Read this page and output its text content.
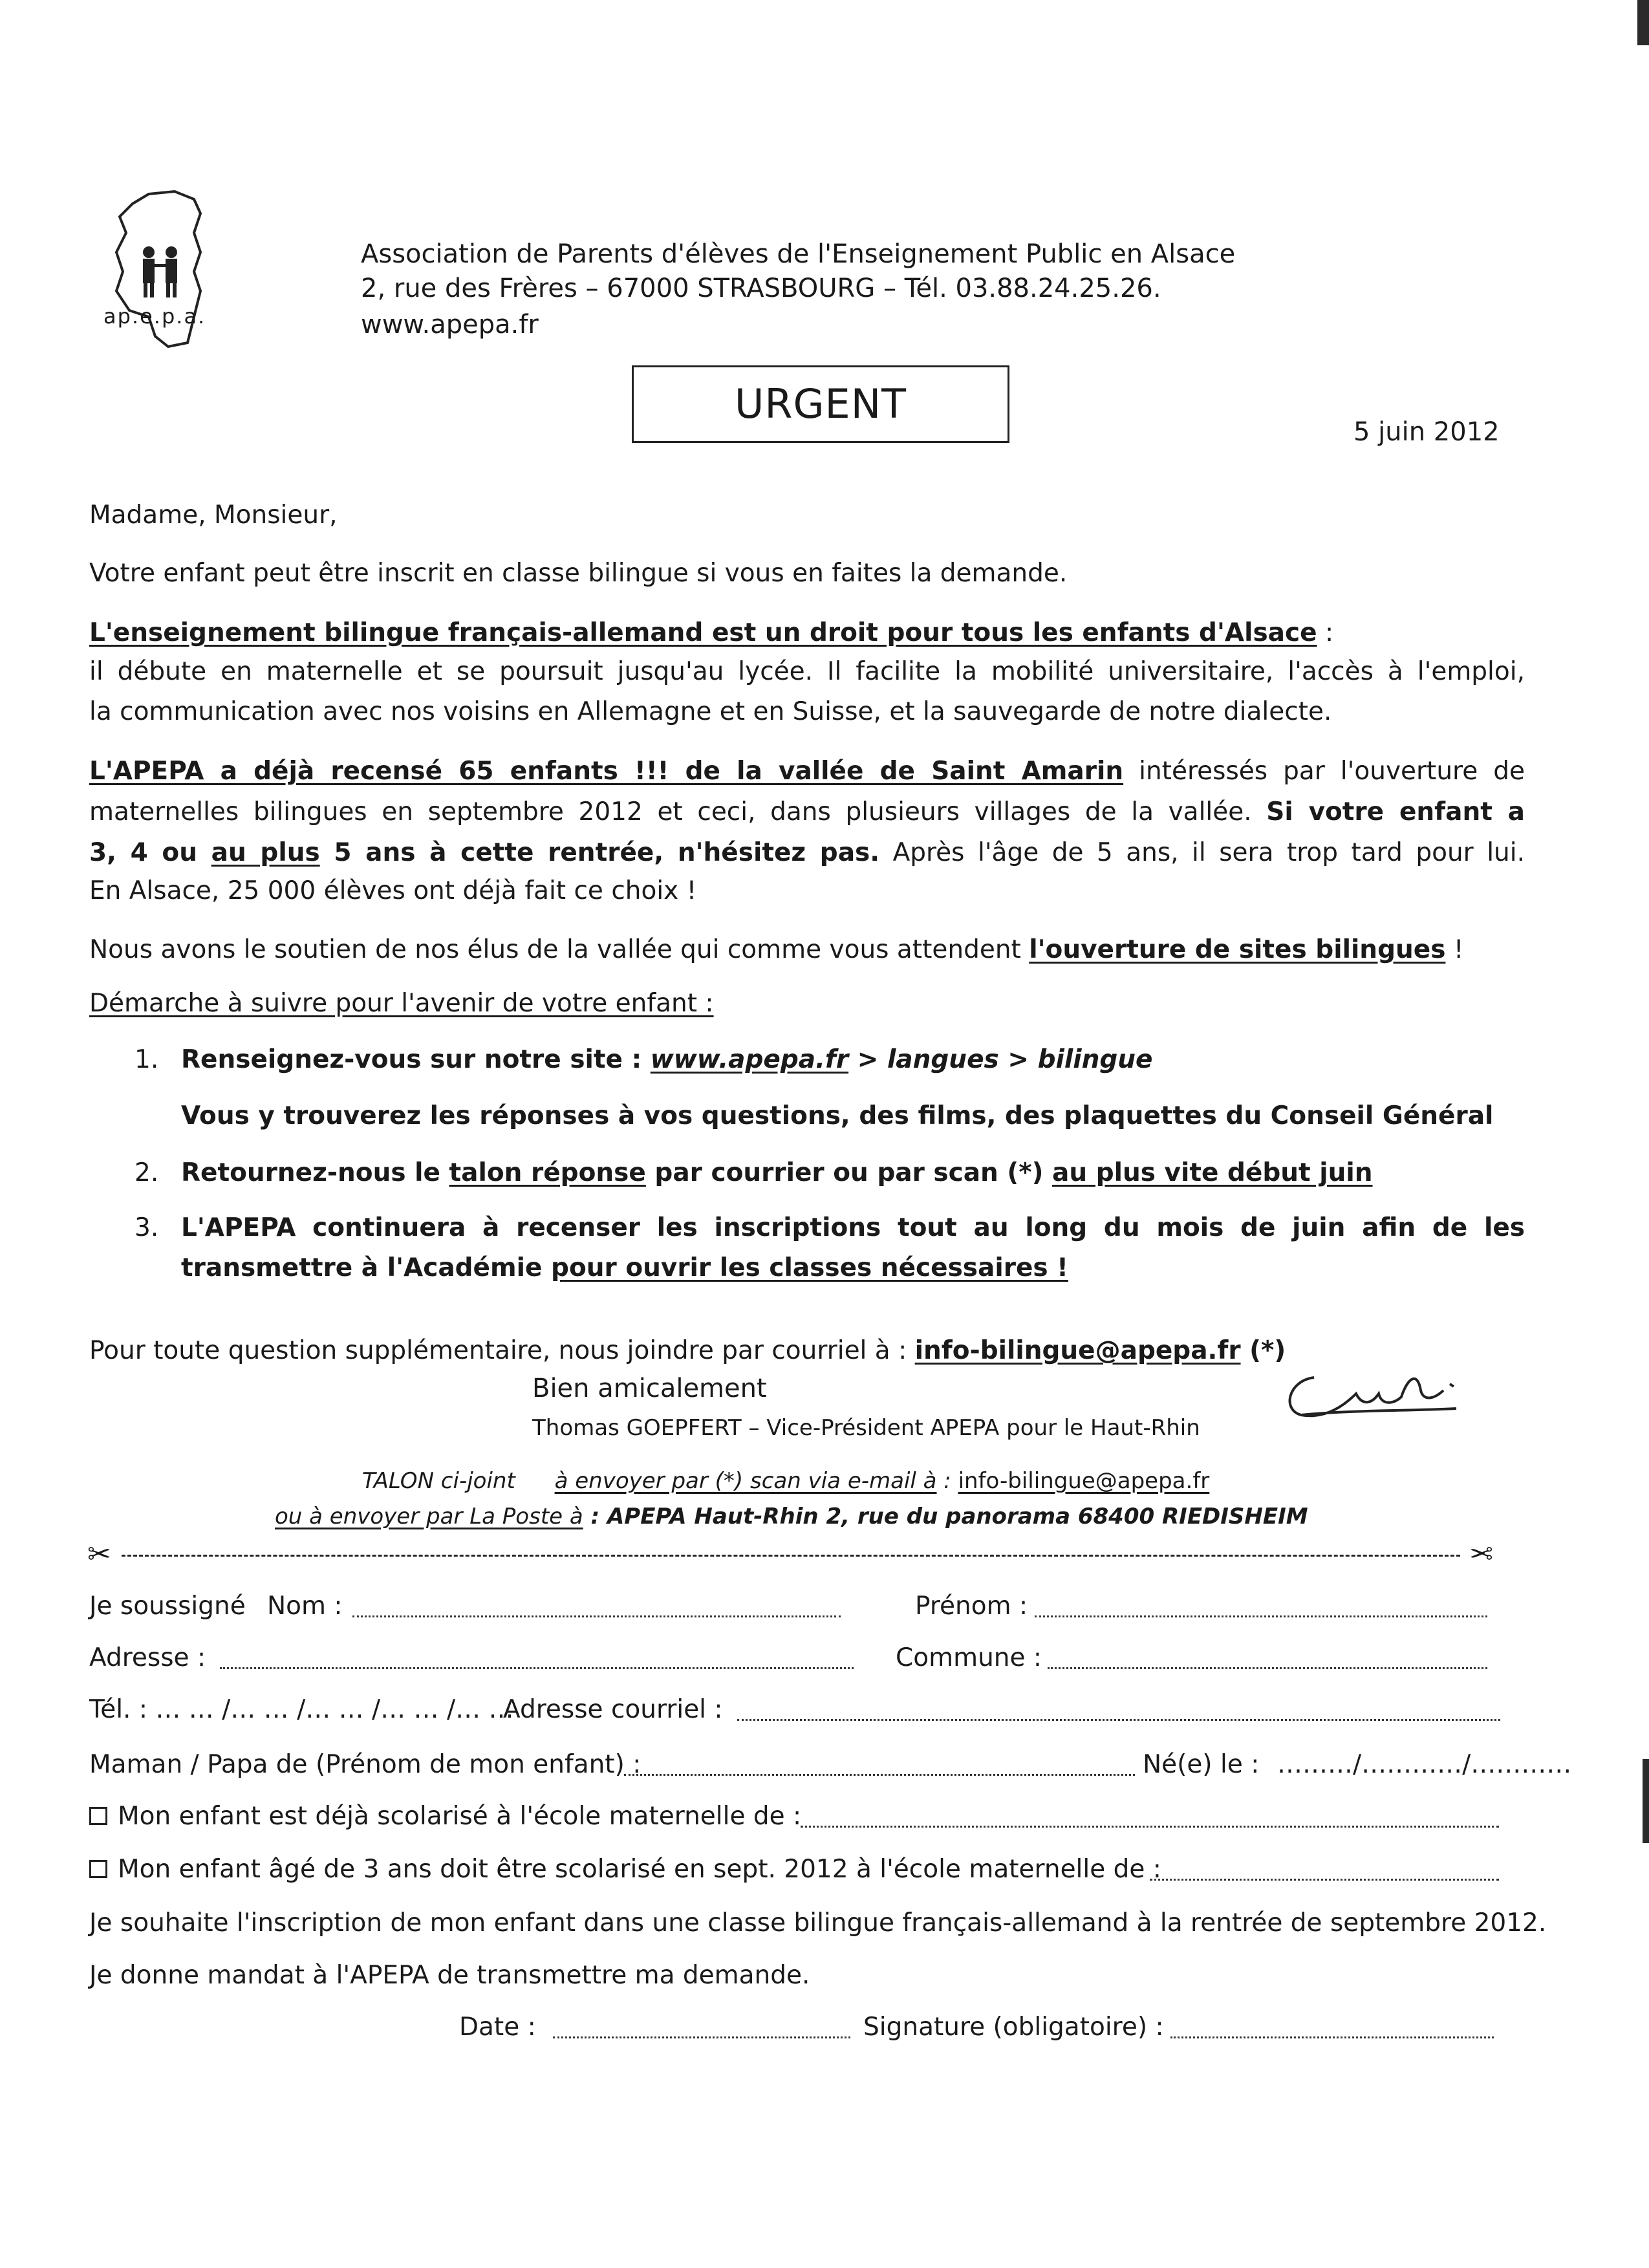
ap.e.p.a.
Association de Parents d'élèves de l'Enseignement Public en Alsace
2, rue des Frères – 67000 STRASBOURG – Tél. 03.88.24.25.26.
www.apepa.fr
URGENT
5 juin 2012
Madame, Monsieur,
Votre enfant peut être inscrit en classe bilingue si vous en faites la demande.
L'enseignement bilingue français-allemand est un droit pour tous les enfants d'Alsace :
il débute en maternelle et se poursuit jusqu'au lycée. Il facilite la mobilité universitaire, l'accès à l'emploi,
la communication avec nos voisins en Allemagne et en Suisse, et la sauvegarde de notre dialecte.
L'APEPA a déjà recensé 65 enfants !!! de la vallée de Saint Amarin intéressés par l'ouverture de
maternelles bilingues en septembre 2012 et ceci, dans plusieurs villages de la vallée. Si votre enfant a
3, 4 ou au plus 5 ans à cette rentrée, n'hésitez pas. Après l'âge de 5 ans, il sera trop tard pour lui.
En Alsace, 25 000 élèves ont déjà fait ce choix !
Nous avons le soutien de nos élus de la vallée qui comme vous attendent l'ouverture de sites bilingues !
Démarche à suivre pour l'avenir de votre enfant :
1. Renseignez-vous sur notre site : www.apepa.fr > langues > bilingue
Vous y trouverez les réponses à vos questions, des films, des plaquettes du Conseil Général
2. Retournez-nous le talon réponse par courrier ou par scan (*) au plus vite début juin
3. L'APEPA continuera à recenser les inscriptions tout au long du mois de juin afin de les
transmettre à l'Académie pour ouvrir les classes nécessaires !
Pour toute question supplémentaire, nous joindre par courriel à : info-bilingue@apepa.fr (*)
Bien amicalement
Thomas GOEPFERT – Vice-Président APEPA pour le Haut-Rhin
TALON ci-joint à envoyer par (*) scan via e-mail à : info-bilingue@apepa.fr
ou à envoyer par La Poste à : APEPA Haut-Rhin 2, rue du panorama 68400 RIEDISHEIM
✂	✂
Je soussigné Nom :	Prénom :
Adresse :	Commune :
Tél. : … … /… … /… … /… … /… …
Adresse courriel :
Maman / Papa de (Prénom de mon enfant) :	Né(e) le : ………/…………/…………
Mon enfant est déjà scolarisé à l'école maternelle de :
Mon enfant âgé de 3 ans doit être scolarisé en sept. 2012 à l'école maternelle de :
Je souhaite l'inscription de mon enfant dans une classe bilingue français-allemand à la rentrée de septembre 2012.
Je donne mandat à l'APEPA de transmettre ma demande.
Date :	Signature (obligatoire) :
